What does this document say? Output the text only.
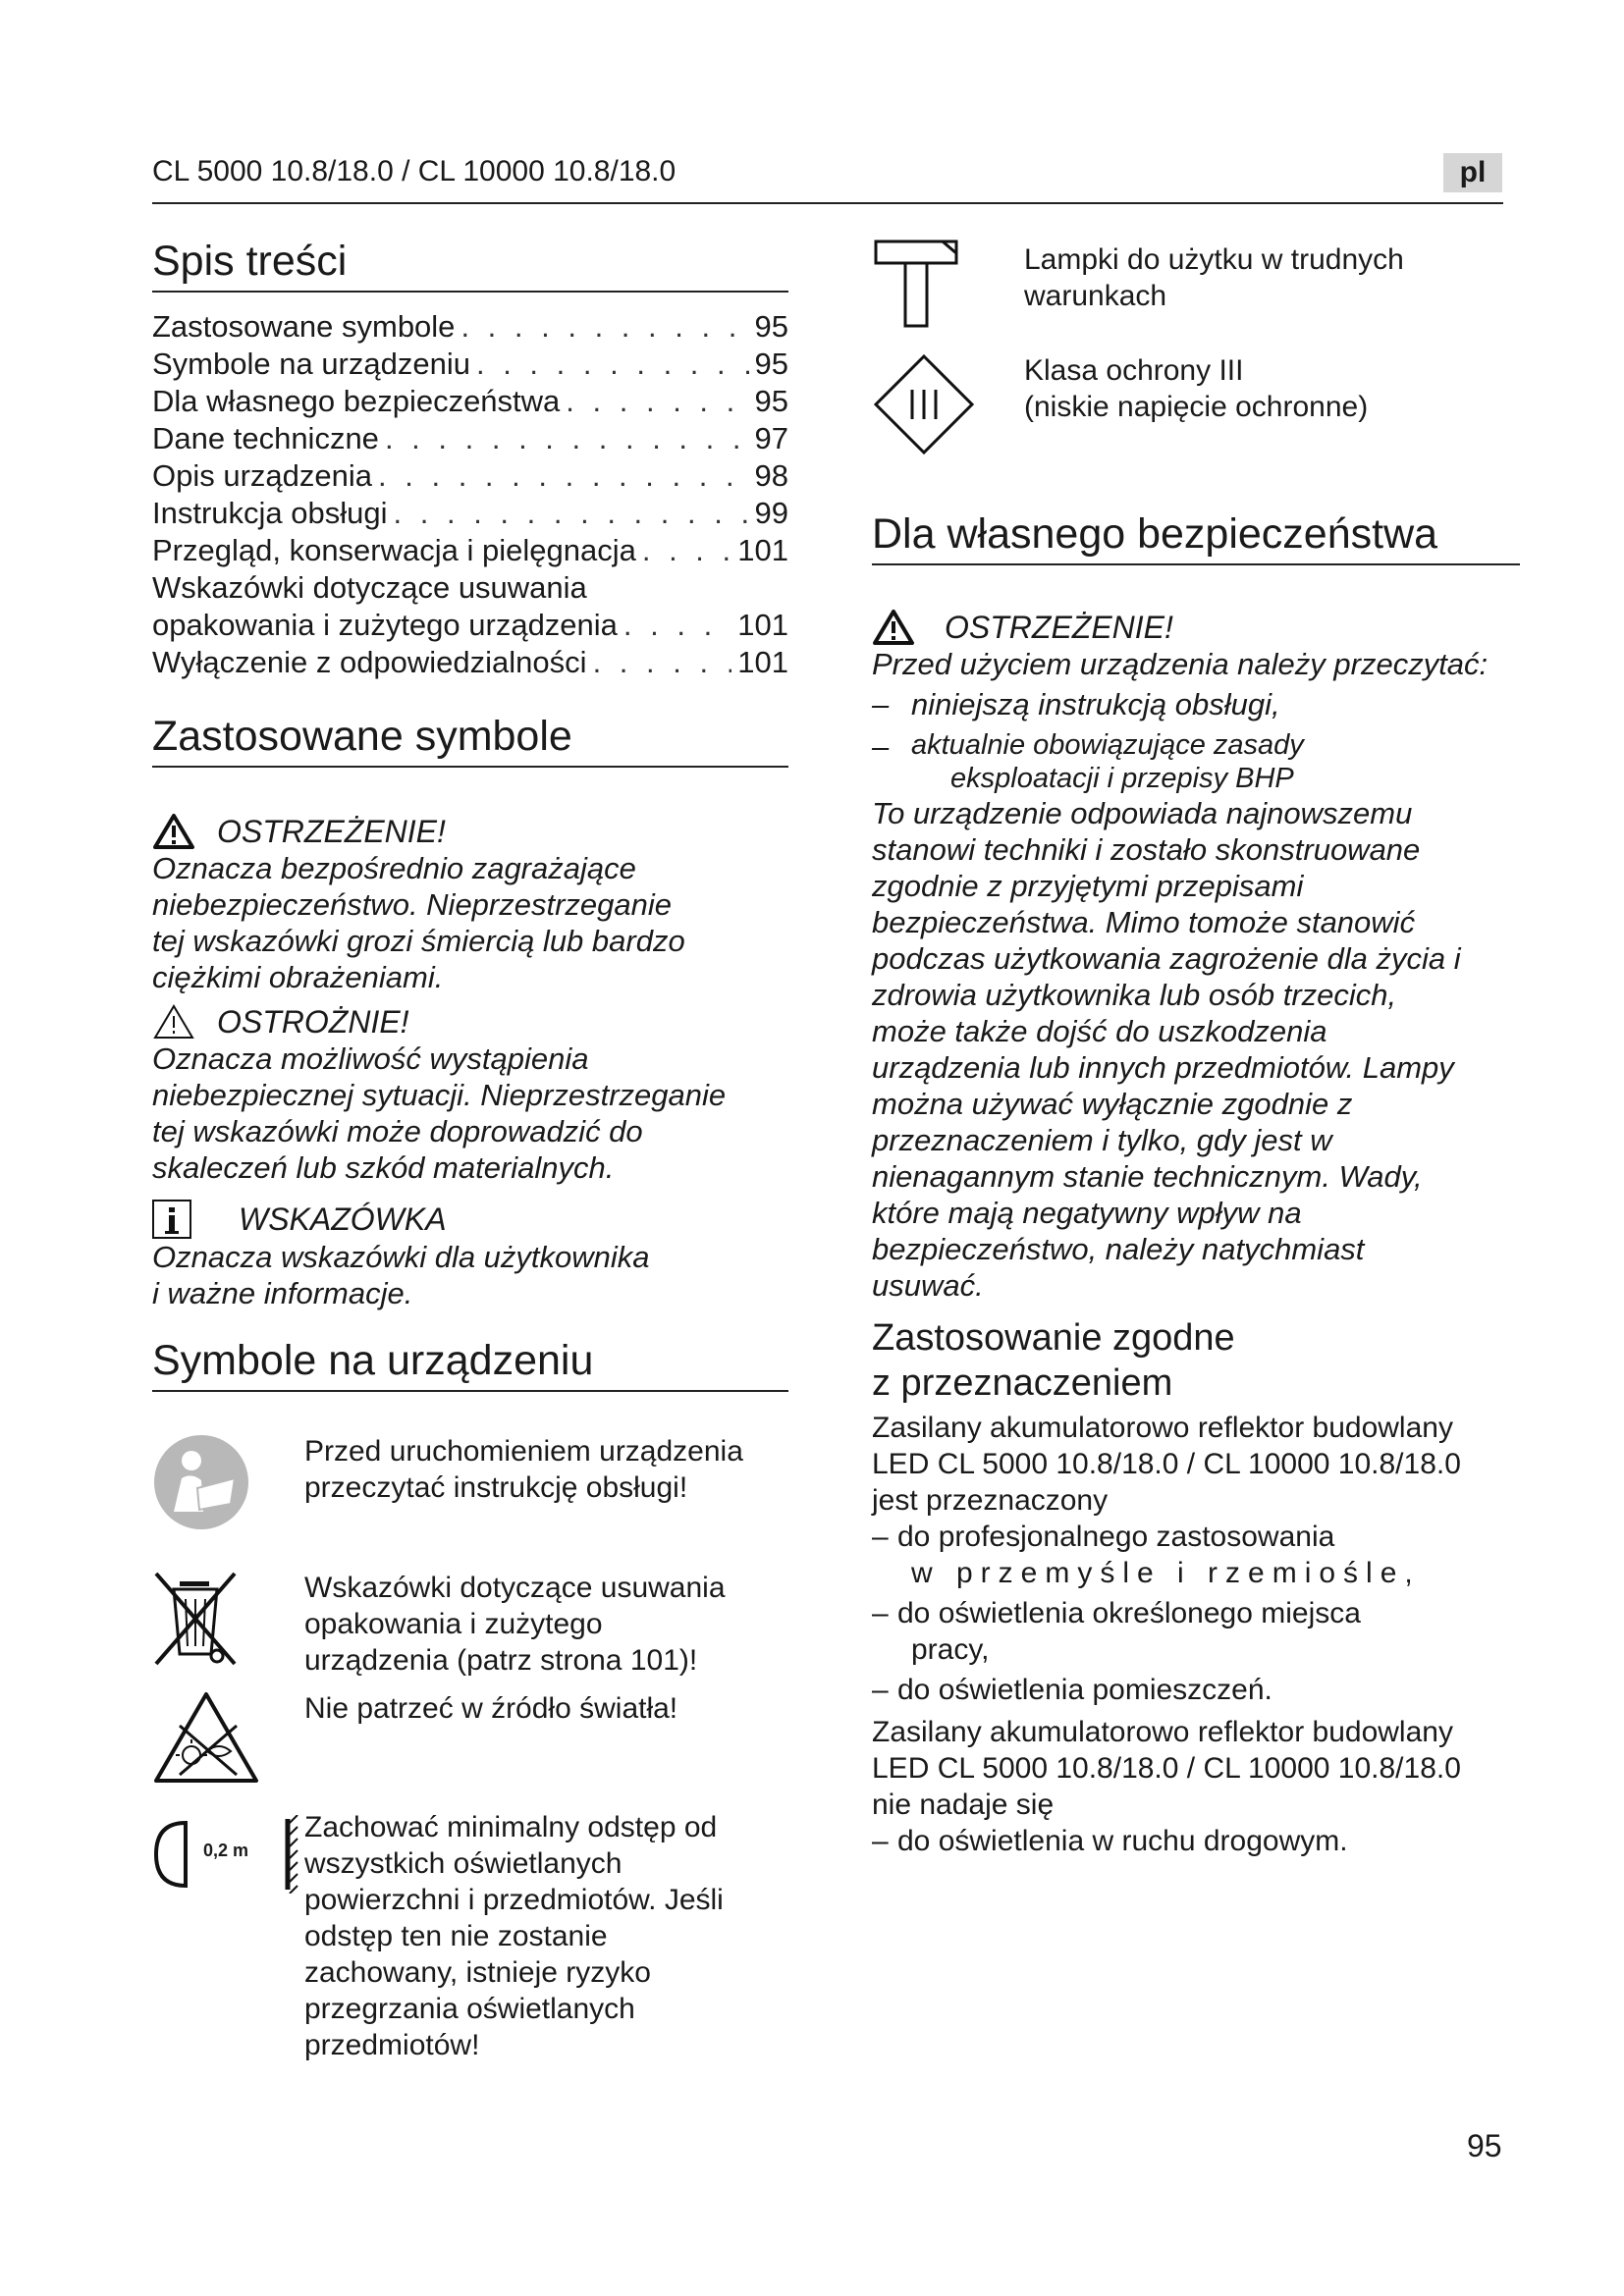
CL 5000 10.8/18.0 / CL 10000 10.8/18.0	pl
Spis treści
Zastosowane symbole . . .	95
Symbole na urządzeniu . . .	95
Dla własnego bezpieczeństwa . . .	95
Dane techniczne . . .	97
Opis urządzenia . . .	98
Instrukcja obsługi . . .	99
Przegląd, konserwacja i pielęgnacja . . .	101
Wskazówki dotyczące usuwania
opakowania i zużytego urządzenia . . .	101
Wyłączenie z odpowiedzialności . . .	101
Zastosowane symbole
OSTRZEŻENIE!
Oznacza bezpośrednio zagrażające
niebezpieczeństwo. Nieprzestrzeganie
tej wskazówki grozi śmiercią lub bardzo
ciężkimi obrażeniami.
OSTROŻNIE!
Oznacza możliwość wystąpienia
niebezpiecznej sytuacji. Nieprzestrzeganie
tej wskazówki może doprowadzić do
skaleczeń lub szkód materialnych.
WSKAZÓWKA
Oznacza wskazówki dla użytkownika
i ważne informacje.
Symbole na urządzeniu
Przed uruchomieniem urządzenia
przeczytać instrukcję obsługi!
Wskazówki dotyczące usuwania
opakowania i zużytego
urządzenia (patrz strona 101)!
Nie patrzeć w źródło światła!
0,2 m
Zachować minimalny odstęp od
wszystkich oświetlanych
powierzchni i przedmiotów. Jeśli
odstęp ten nie zostanie
zachowany, istnieje ryzyko
przegrzania oświetlanych
przedmiotów!
Lampki do użytku w trudnych
warunkach
Klasa ochrony III
(niskie napięcie ochronne)
Dla własnego bezpieczeństwa
OSTRZEŻENIE!
Przed użyciem urządzenia należy przeczytać:
– niniejszą instrukcją obsługi,
– aktualnie obowiązujące zasady
eksploatacji i przepisy BHP
To urządzenie odpowiada najnowszemu
stanowi techniki i zostało skonstruowane
zgodnie z przyjętymi przepisami
bezpieczeństwa. Mimo tomoże stanowić
podczas użytkowania zagrożenie dla życia i
zdrowia użytkownika lub osób trzecich,
może także dojść do uszkodzenia
urządzenia lub innych przedmiotów. Lampy
można używać wyłącznie zgodnie z
przeznaczeniem i tylko, gdy jest w
nienagannym stanie technicznym. Wady,
które mają negatywny wpływ na
bezpieczeństwo, należy natychmiast
usuwać.
Zastosowanie zgodne
z przeznaczeniem
Zasilany akumulatorowo reflektor budowlany
LED CL 5000 10.8/18.0 / CL 10000 10.8/18.0
jest przeznaczony
– do profesjonalnego zastosowania
w przemyśle i rzemiośle,
– do oświetlenia określonego miejsca
pracy,
– do oświetlenia pomieszczeń.
Zasilany akumulatorowo reflektor budowlany
LED CL 5000 10.8/18.0 / CL 10000 10.8/18.0
nie nadaje się
– do oświetlenia w ruchu drogowym.
95
